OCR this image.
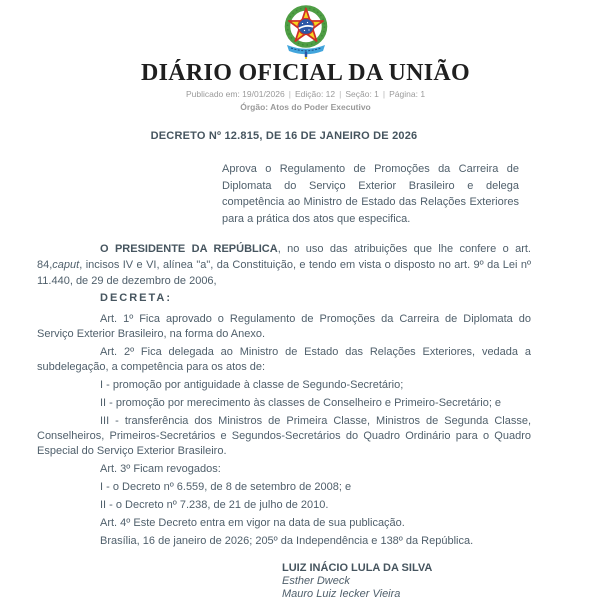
DIÁRIO OFICIAL DA UNIÃO
Publicado em: 19/01/2026 | Edição: 12 | Seção: 1 | Página: 1
Órgão: Atos do Poder Executivo
DECRETO Nº 12.815, DE 16 DE JANEIRO DE 2026

Aprova o Regulamento de Promoções da Carreira de Diplomata do Serviço Exterior Brasileiro e delega competência ao Ministro de Estado das Relações Exteriores para a prática dos atos que especifica.

O PRESIDENTE DA REPÚBLICA, no uso das atribuições que lhe confere o art. 84,caput, incisos IV e VI, alínea "a", da Constituição, e tendo em vista o disposto no art. 9º da Lei nº 11.440, de 29 de dezembro de 2006,

DECRETA:

Art. 1º Fica aprovado o Regulamento de Promoções da Carreira de Diplomata do Serviço Exterior Brasileiro, na forma do Anexo.

Art. 2º Fica delegada ao Ministro de Estado das Relações Exteriores, vedada a subdelegação, a competência para os atos de:

I - promoção por antiguidade à classe de Segundo-Secretário;

II - promoção por merecimento às classes de Conselheiro e Primeiro-Secretário; e

III - transferência dos Ministros de Primeira Classe, Ministros de Segunda Classe, Conselheiros, Primeiros-Secretários e Segundos-Secretários do Quadro Ordinário para o Quadro Especial do Serviço Exterior Brasileiro.

Art. 3º Ficam revogados:

I - o Decreto nº 6.559, de 8 de setembro de 2008; e

II - o Decreto nº 7.238, de 21 de julho de 2010.

Art. 4º Este Decreto entra em vigor na data de sua publicação.

Brasília, 16 de janeiro de 2026; 205º da Independência e 138º da República.

LUIZ INÁCIO LULA DA SILVA
Esther Dweck
Mauro Luiz Iecker Vieira
